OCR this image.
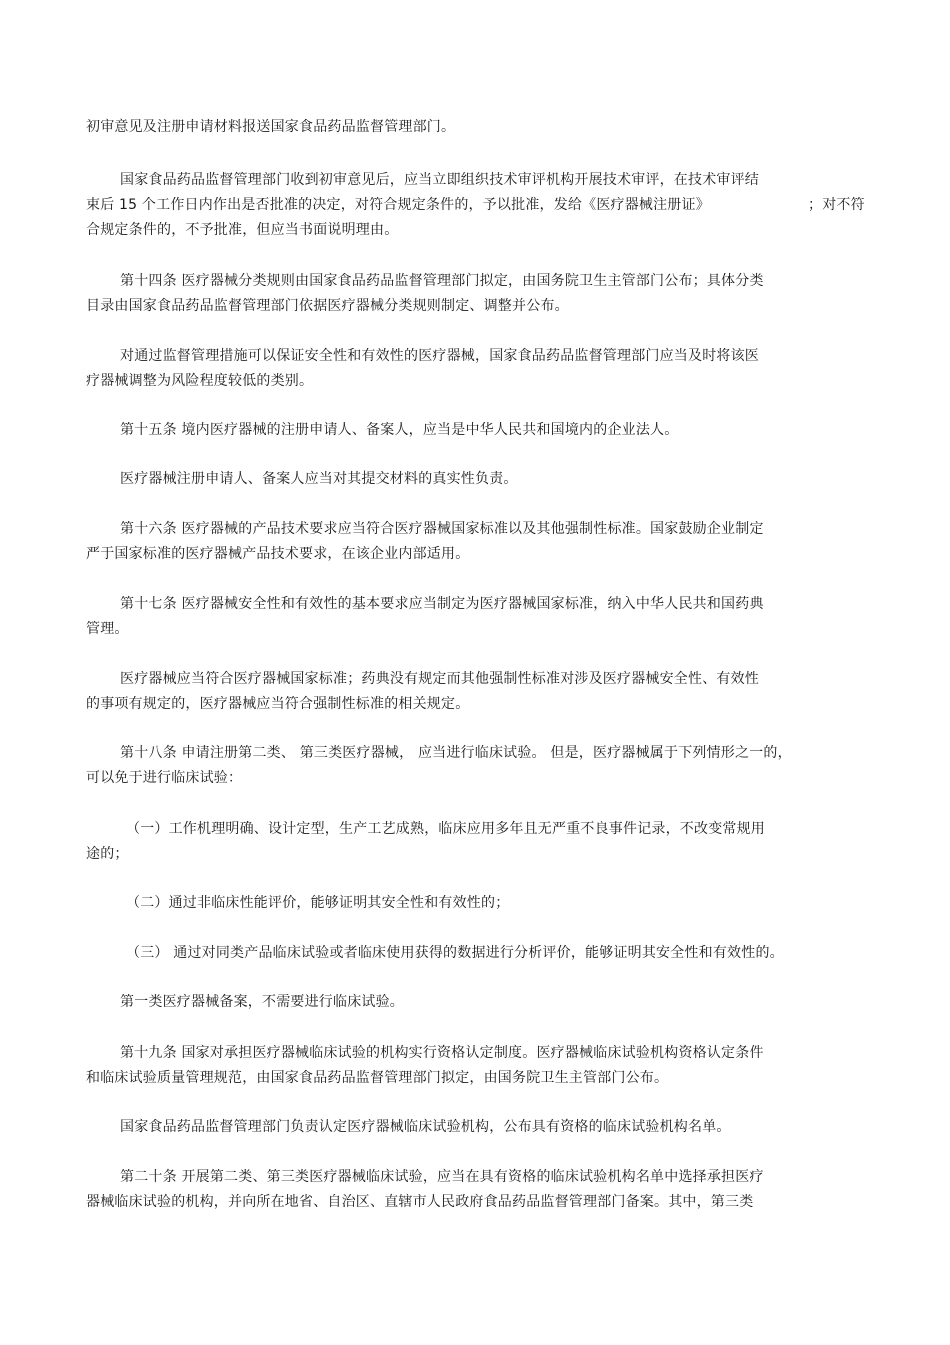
初审意见及注册申请材料报送国家食品药品监督管理部门。
国家食品药品监督管理部门收到初审意见后，应当立即组织技术审评机构开展技术审评，在技术审评结
束后 15 个工作日内作出是否批准的决定，对符合规定条件的，予以批准，发给《医疗器械注册证》	；对不符
合规定条件的，不予批准，但应当书面说明理由。
第十四条 医疗器械分类规则由国家食品药品监督管理部门拟定，由国务院卫生主管部门公布；具体分类
目录由国家食品药品监督管理部门依据医疗器械分类规则制定、调整并公布。
对通过监督管理措施可以保证安全性和有效性的医疗器械，国家食品药品监督管理部门应当及时将该医
疗器械调整为风险程度较低的类别。
第十五条 境内医疗器械的注册申请人、备案人，应当是中华人民共和国境内的企业法人。
医疗器械注册申请人、备案人应当对其提交材料的真实性负责。
第十六条 医疗器械的产品技术要求应当符合医疗器械国家标准以及其他强制性标准。国家鼓励企业制定
严于国家标准的医疗器械产品技术要求，在该企业内部适用。
第十七条 医疗器械安全性和有效性的基本要求应当制定为医疗器械国家标准，纳入中华人民共和国药典
管理。
医疗器械应当符合医疗器械国家标准；药典没有规定而其他强制性标准对涉及医疗器械安全性、有效性
的事项有规定的，医疗器械应当符合强制性标准的相关规定。
第十八条 申请注册第二类、 第三类医疗器械， 应当进行临床试验。 但是，医疗器械属于下列情形之一的，
可以免于进行临床试验：
（一）工作机理明确、设计定型，生产工艺成熟，临床应用多年且无严重不良事件记录，不改变常规用
途的；
（二）通过非临床性能评价，能够证明其安全性和有效性的；
（三） 通过对同类产品临床试验或者临床使用获得的数据进行分析评价，能够证明其安全性和有效性的。
第一类医疗器械备案，不需要进行临床试验。
第十九条 国家对承担医疗器械临床试验的机构实行资格认定制度。医疗器械临床试验机构资格认定条件
和临床试验质量管理规范，由国家食品药品监督管理部门拟定，由国务院卫生主管部门公布。
国家食品药品监督管理部门负责认定医疗器械临床试验机构，公布具有资格的临床试验机构名单。
第二十条 开展第二类、第三类医疗器械临床试验，应当在具有资格的临床试验机构名单中选择承担医疗
器械临床试验的机构，并向所在地省、自治区、直辖市人民政府食品药品监督管理部门备案。其中，第三类
